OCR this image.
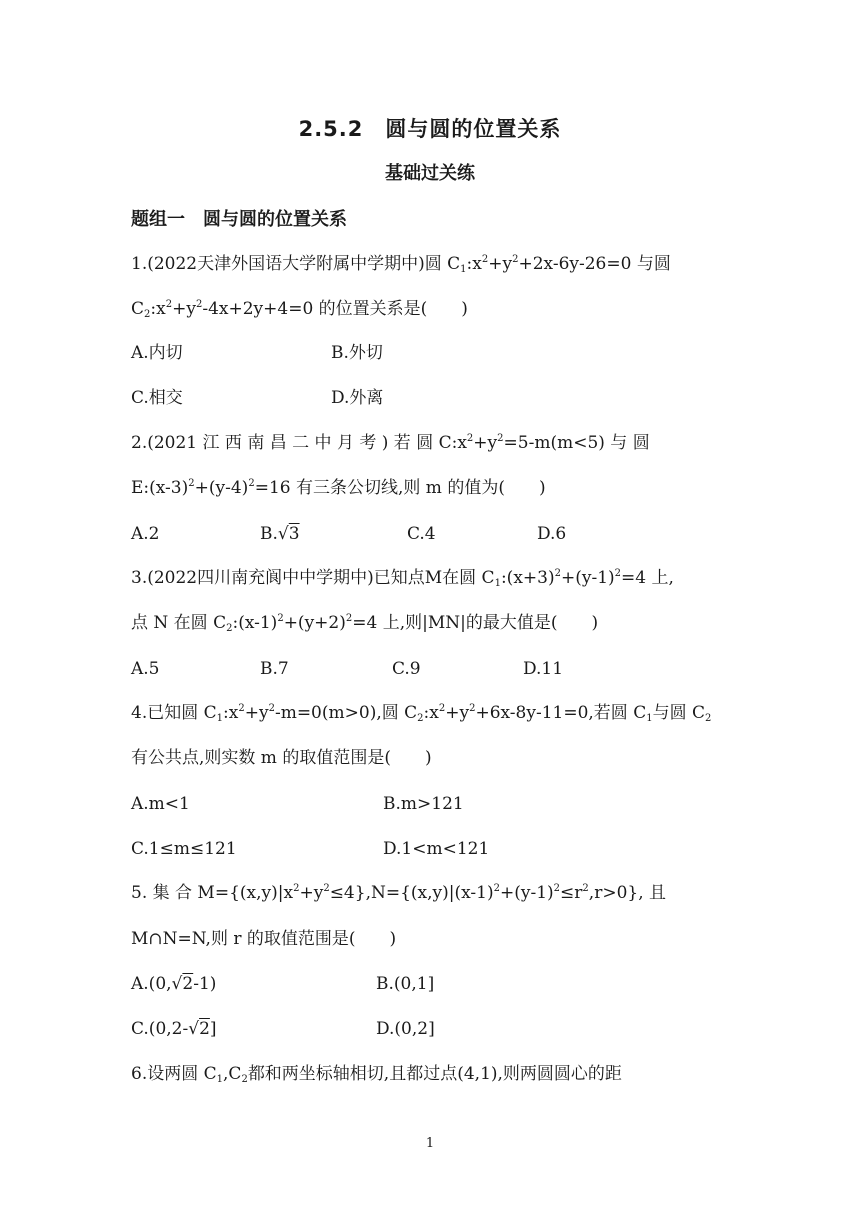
2.5.2　圆与圆的位置关系
基础过关练
题组一　圆与圆的位置关系
1.(2022天津外国语大学附属中学期中)圆 $C_1:x^2+y^2+2x-6y-26=0$ 与圆
$C_2:x^2+y^2-4x+2y+4=0$ 的位置关系是(　　)
A.内切	B.外切
C.相交	D.外离
2.(2021 江 西 南 昌 二 中 月 考 ) 若 圆 $C:x^2+y^2=5-m(m<5)$ 与 圆
$E:(x-3)^2+(y-4)^2=16$ 有三条公切线,则 m 的值为(　　)
A.2	B.√3	C.4	D.6
3.(2022四川南充阆中中学期中)已知点M在圆 $C_1:(x+3)^2+(y-1)^2=4$ 上,
点 N 在圆 $C_2:(x-1)^2+(y+2)^2=4$ 上,则|MN|的最大值是(　　)
A.5	B.7	C.9	D.11
4.已知圆 $C_1:x^2+y^2-m=0(m>0)$,圆 $C_2:x^2+y^2+6x-8y-11=0$,若圆 $C_1$与圆 $C_2$
有公共点,则实数 m 的取值范围是(　　)
A.m<1	B.m>121
C.1≤m≤121	D.1<m<121
5. 集 合 $M=\{(x,y)|x^2+y^2\le 4\},N=\{(x,y)|(x-1)^2+(y-1)^2\le r^2,r>0\}$, 且
M∩N=N,则 r 的取值范围是(　　)
A.(0,√2-1)	B.(0,1]
C.(0,2-√2]	D.(0,2]
6.设两圆 $C_1,C_2$都和两坐标轴相切,且都过点(4,1),则两圆圆心的距
1
